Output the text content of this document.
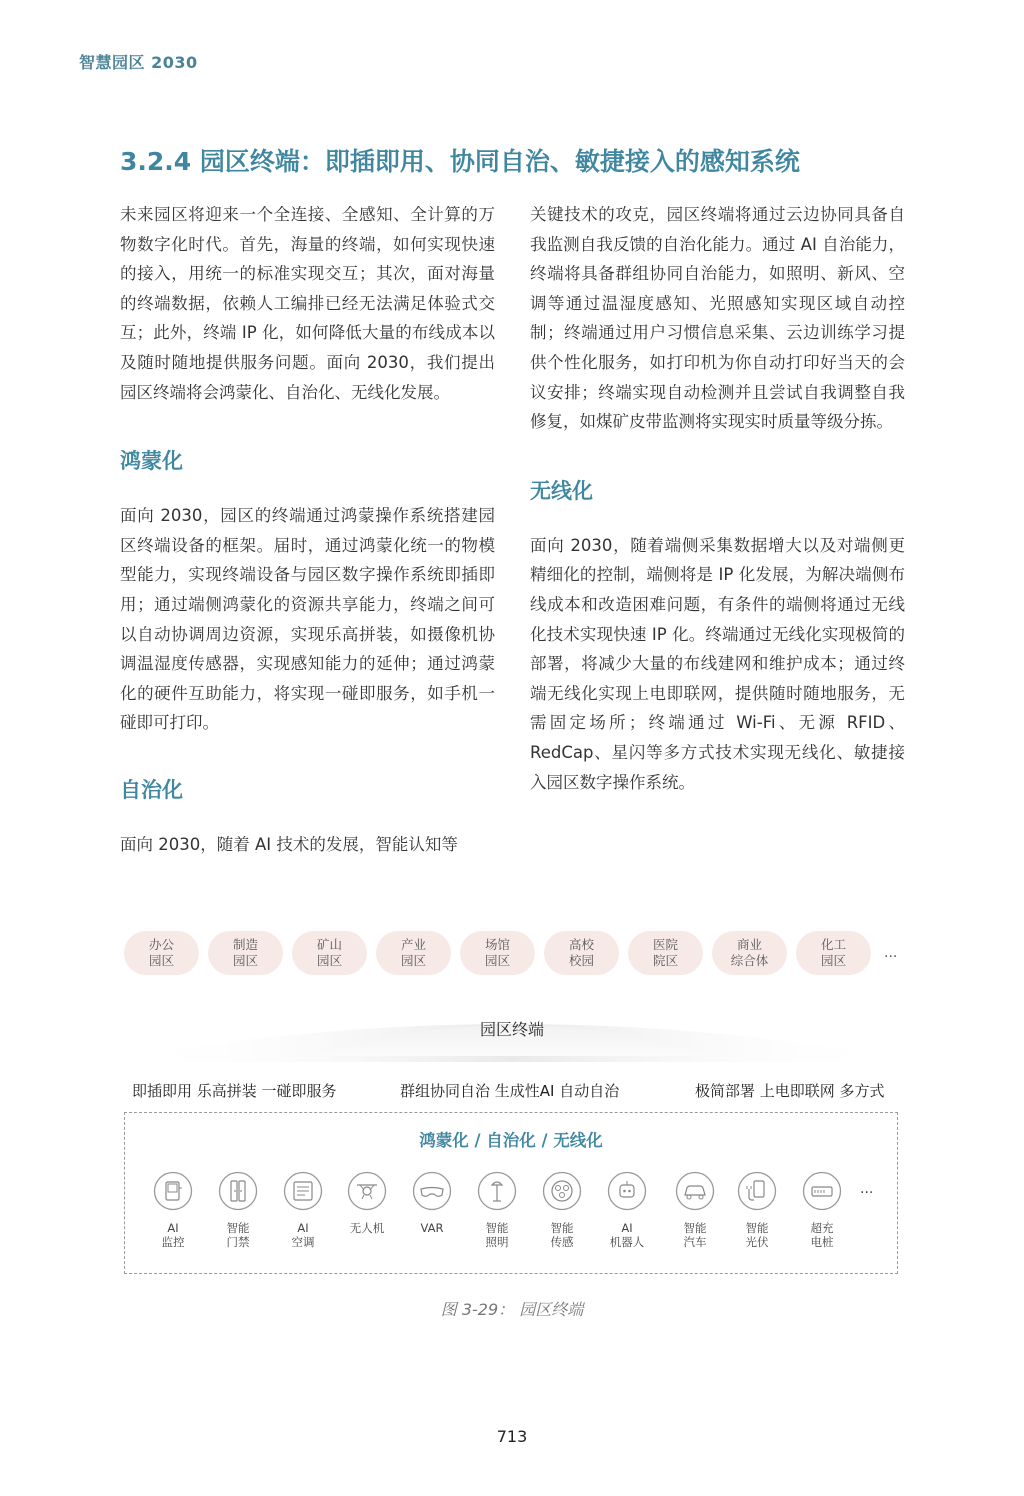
智慧园区 2030
3.2.4 园区终端：即插即用、协同自治、敏捷接入的感知系统

未来园区将迎来一个全连接、全感知、全计算的万物数字化时代。首先，海量的终端，如何实现快速的接入，用统一的标准实现交互；其次，面对海量的终端数据，依赖人工编排已经无法满足体验式交互；此外，终端 IP 化，如何降低大量的布线成本以及随时随地提供服务问题。面向 2030，我们提出园区终端将会鸿蒙化、自治化、无线化发展。

鸿蒙化

面向 2030，园区的终端通过鸿蒙操作系统搭建园区终端设备的框架。届时，通过鸿蒙化统一的物模型能力，实现终端设备与园区数字操作系统即插即用；通过端侧鸿蒙化的资源共享能力，终端之间可以自动协调周边资源，实现乐高拼装，如摄像机协调温湿度传感器，实现感知能力的延伸；通过鸿蒙化的硬件互助能力，将实现一碰即服务，如手机一碰即可打印。

自治化

面向 2030，随着 AI 技术的发展，智能认知等

关键技术的攻克，园区终端将通过云边协同具备自我监测自我反馈的自治化能力。通过 AI 自治能力，终端将具备群组协同自治能力，如照明、新风、空调等通过温湿度感知、光照感知实现区域自动控制；终端通过用户习惯信息采集、云边训练学习提供个性化服务，如打印机为你自动打印好当天的会议安排；终端实现自动检测并且尝试自我调整自我修复，如煤矿皮带监测将实现实时质量等级分拣。

无线化

面向 2030，随着端侧采集数据增大以及对端侧更精细化的控制，端侧将是 IP 化发展，为解决端侧布线成本和改造困难问题，有条件的端侧将通过无线化技术实现快速 IP 化。终端通过无线化实现极简的部署，将减少大量的布线建网和维护成本；通过终端无线化实现上电即联网，提供随时随地服务，无需固定场所；终端通过 Wi-Fi、无源 RFID、RedCap、星闪等多方式技术实现无线化、敏捷接入园区数字操作系统。

办公
园区
制造
园区
矿山
园区
产业
园区
场馆
园区
高校
校园
医院
院区
商业
综合体
化工
园区	...
园区终端
即插即用 乐高拼装 一碰即服务	群组协同自治 生成性AI 自动自治	极简部署 上电即联网 多方式
鸿蒙化 / 自治化 / 无线化
AI
监控
智能
门禁
AI
空调
无人机	VAR	智能
照明
智能
传感
AI
机器人
智能
汽车
智能
光伏
超充
电桩
...
图 3-29： 园区终端
713
